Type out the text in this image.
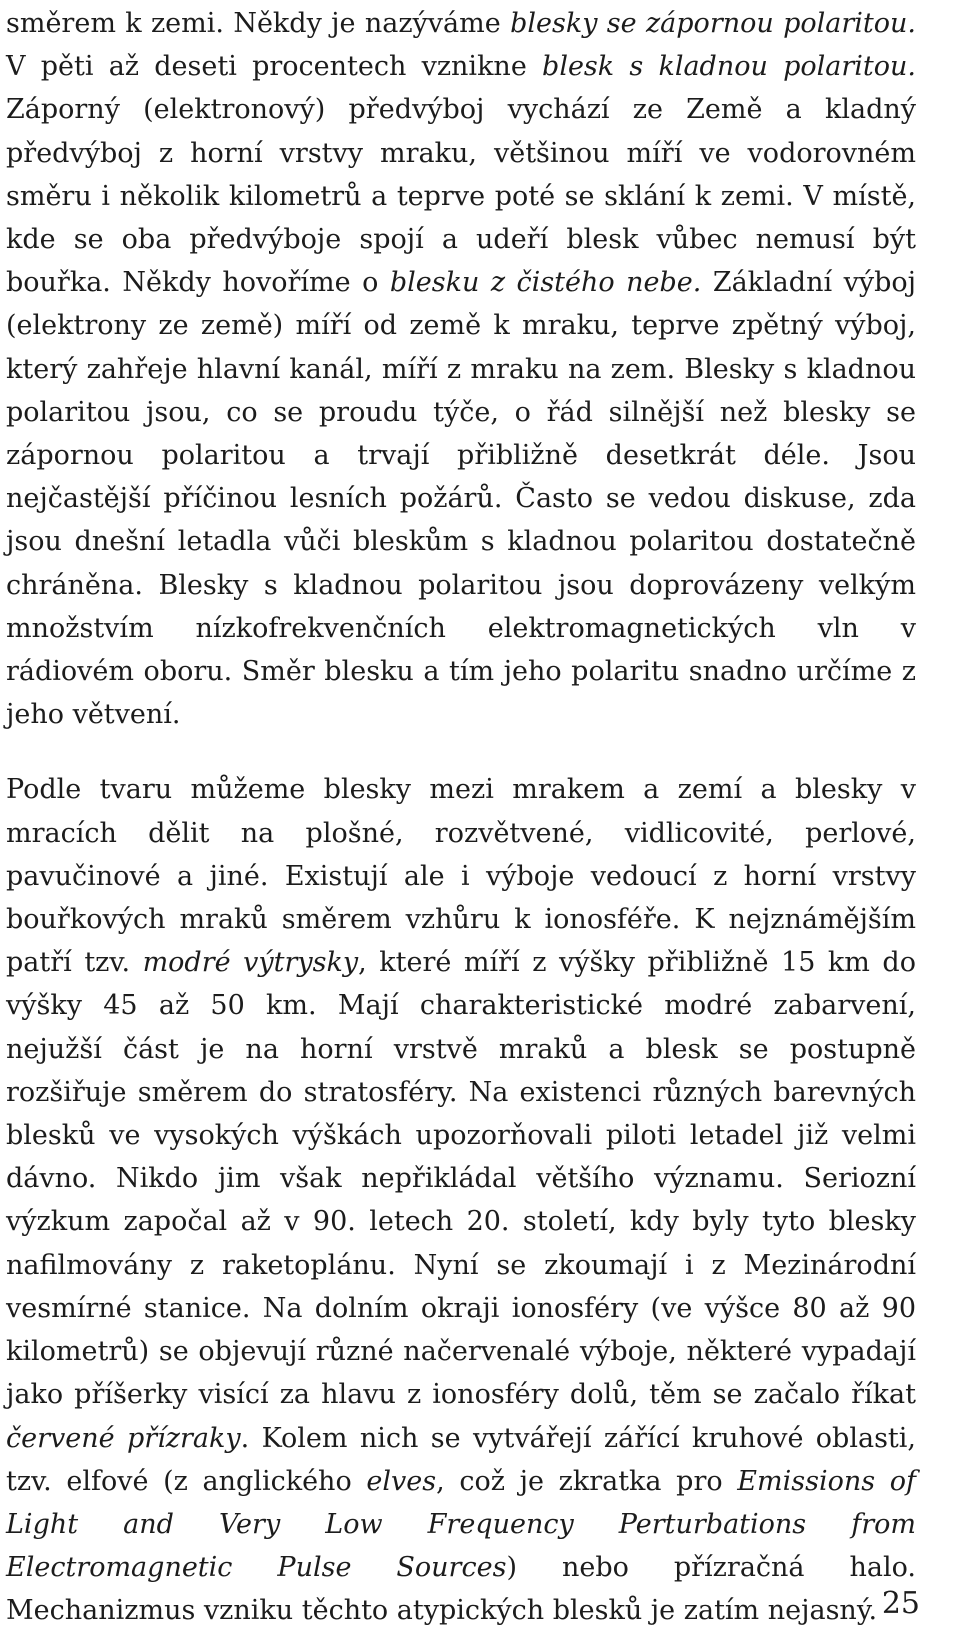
směrem k zemi. Někdy je nazýváme blesky se zápornou polaritou. V pěti až deseti procentech vznikne blesk s kladnou polaritou. Záporný (elektronový) předvýboj vychází ze Země a kladný předvýboj z horní vrstvy mraku, většinou míří ve vodorovném směru i několik kilometrů a teprve poté se sklání k zemi. V místě, kde se oba předvýboje spojí a udeří blesk vůbec nemusí být bouřka. Někdy hovoříme o blesku z čistého nebe. Základní výboj (elektrony ze země) míří od země k mraku, teprve zpětný výboj, který zahřeje hlavní kanál, míří z mraku na zem. Blesky s kladnou polaritou jsou, co se proudu týče, o řád silnější než blesky se zápornou polaritou a trvají přibližně desetkrát déle. Jsou nejčastější příčinou lesních požárů. Často se vedou diskuse, zda jsou dnešní letadla vůči bleskům s kladnou polaritou dostatečně chráněna. Blesky s kladnou polaritou jsou doprovázeny velkým množstvím nízkofrekvenčních elektromagnetických vln v rádiovém oboru. Směr blesku a tím jeho polaritu snadno určíme z jeho větvení.

Podle tvaru můžeme blesky mezi mrakem a zemí a blesky v mracích dělit na plošné, rozvětvené, vidlicovité, perlové, pavučinové a jiné. Existují ale i výboje vedoucí z horní vrstvy bouřkových mraků směrem vzhůru k ionosféře. K nejznámějším patří tzv. modré výtrysky, které míří z výšky přibližně 15 km do výšky 45 až 50 km. Mají charakteristické modré zabarvení, nejužší část je na horní vrstvě mraků a blesk se postupně rozšiřuje směrem do stratosféry. Na existenci různých barevných blesků ve vysokých výškách upozorňovali piloti letadel již velmi dávno. Nikdo jim však nepřikládal většího významu. Seriozní výzkum započal až v 90. letech 20. století, kdy byly tyto blesky nafilmovány z raketoplánu. Nyní se zkoumají i z Mezinárodní vesmírné stanice. Na dolním okraji ionosféry (ve výšce 80 až 90 kilometrů) se objevují různé načervenalé výboje, některé vypadají jako příšerky visící za hlavu z ionosféry dolů, těm se začalo říkat červené přízraky. Kolem nich se vytvářejí zářící kruhové oblasti, tzv. elfové (z anglického elves, což je zkratka pro Emissions of Light and Very Low Frequency Perturbations from Electromagnetic Pulse Sources) nebo přízračná halo. Mechanizmus vzniku těchto atypických blesků je zatím nejasný. 25
